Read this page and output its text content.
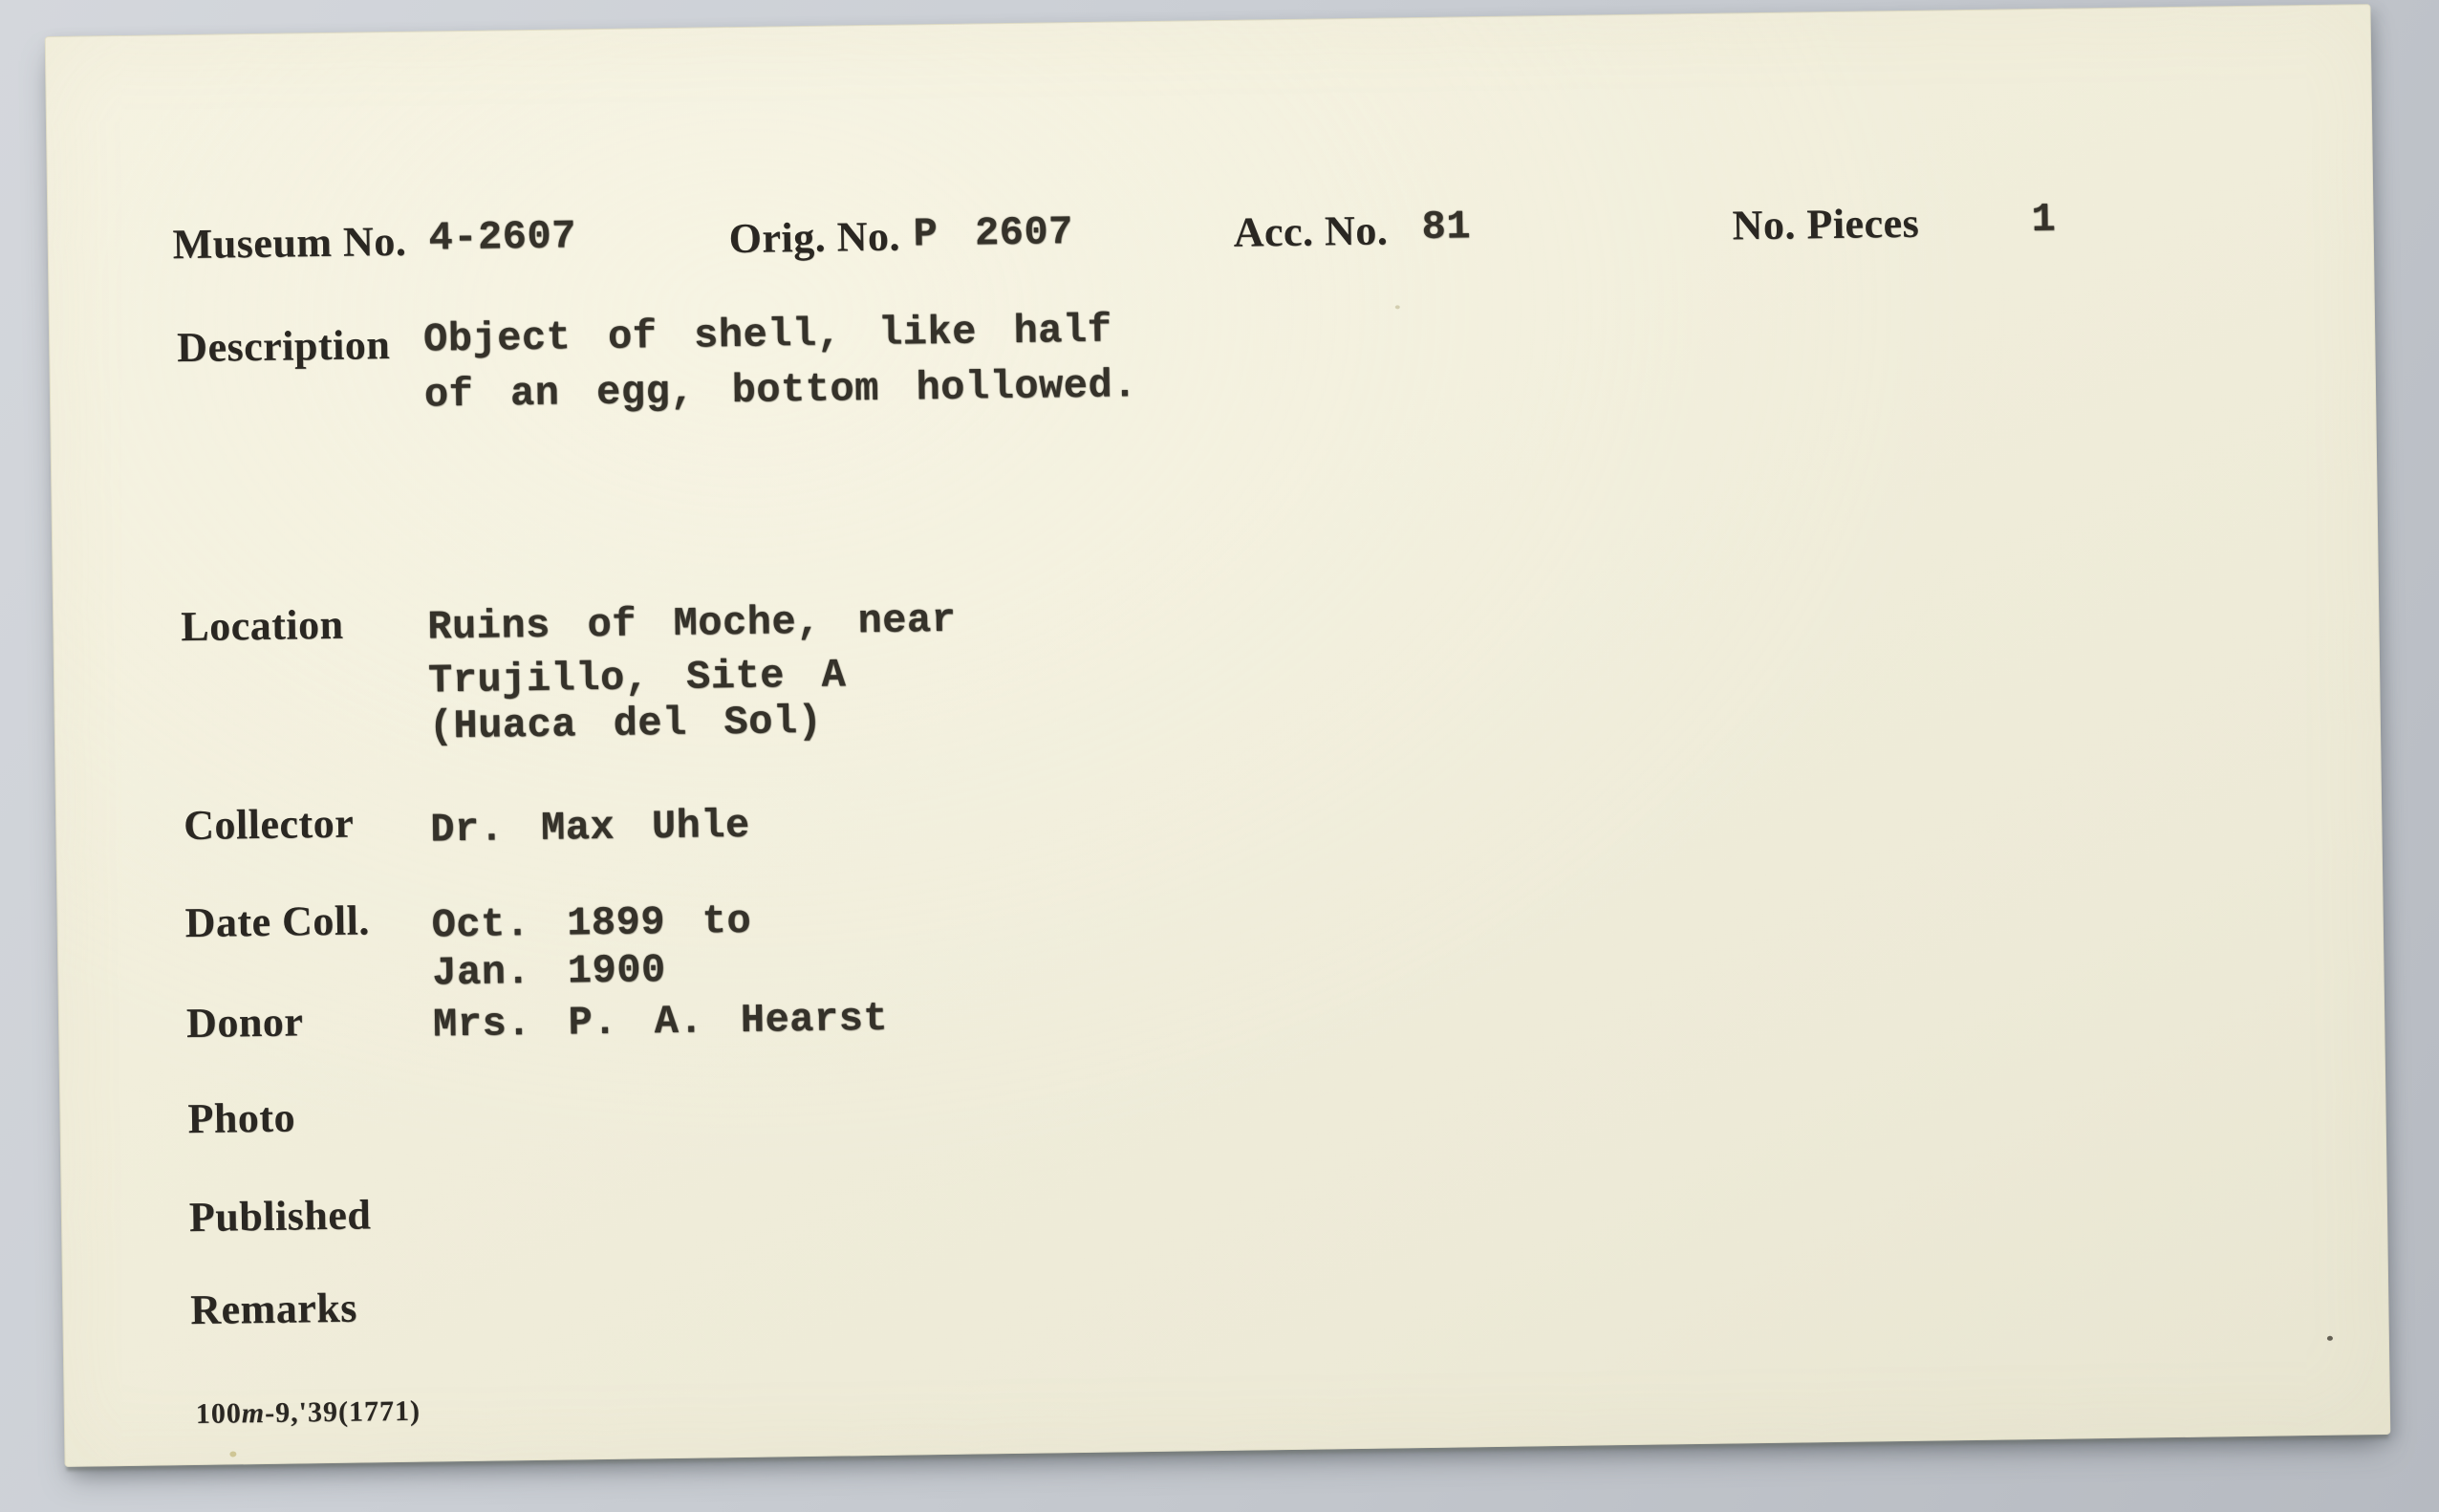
Museum No. 4-2607	Orig. No. P 2607	Acc. No. 81	No. Pieces	1
Description Object of shell, like half
of an egg, bottom hollowed.
Location Ruins of Moche, near
Trujillo, Site A
(Huaca del Sol)
Collector Dr. Max Uhle
Date Coll. Oct. 1899 to
Jan. 1900
Donor	Mrs. P. A. Hearst
Photo
Published
Remarks
100m-9,'39(1771)
